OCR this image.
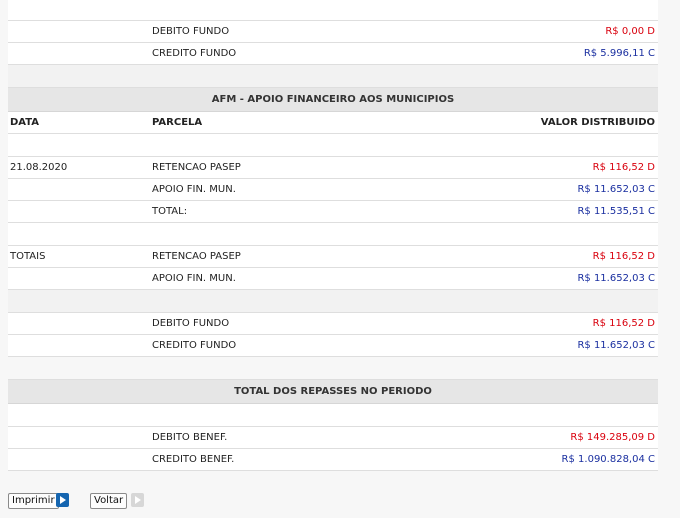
DEBITO FUNDO	R$ 0,00 D
CREDITO FUNDO	R$ 5.996,11 C
AFM - APOIO FINANCEIRO AOS MUNICIPIOS
DATA	PARCELA	VALOR DISTRIBUIDO
21.08.2020	RETENCAO PASEP	R$ 116,52 D
APOIO FIN. MUN.	R$ 11.652,03 C
TOTAL:	R$ 11.535,51 C
TOTAIS	RETENCAO PASEP	R$ 116,52 D
APOIO FIN. MUN.	R$ 11.652,03 C
DEBITO FUNDO	R$ 116,52 D
CREDITO FUNDO	R$ 11.652,03 C
TOTAL DOS REPASSES NO PERIODO
DEBITO BENEF.	R$ 149.285,09 D
CREDITO BENEF.	R$ 1.090.828,04 C
Imprimir	Voltar
